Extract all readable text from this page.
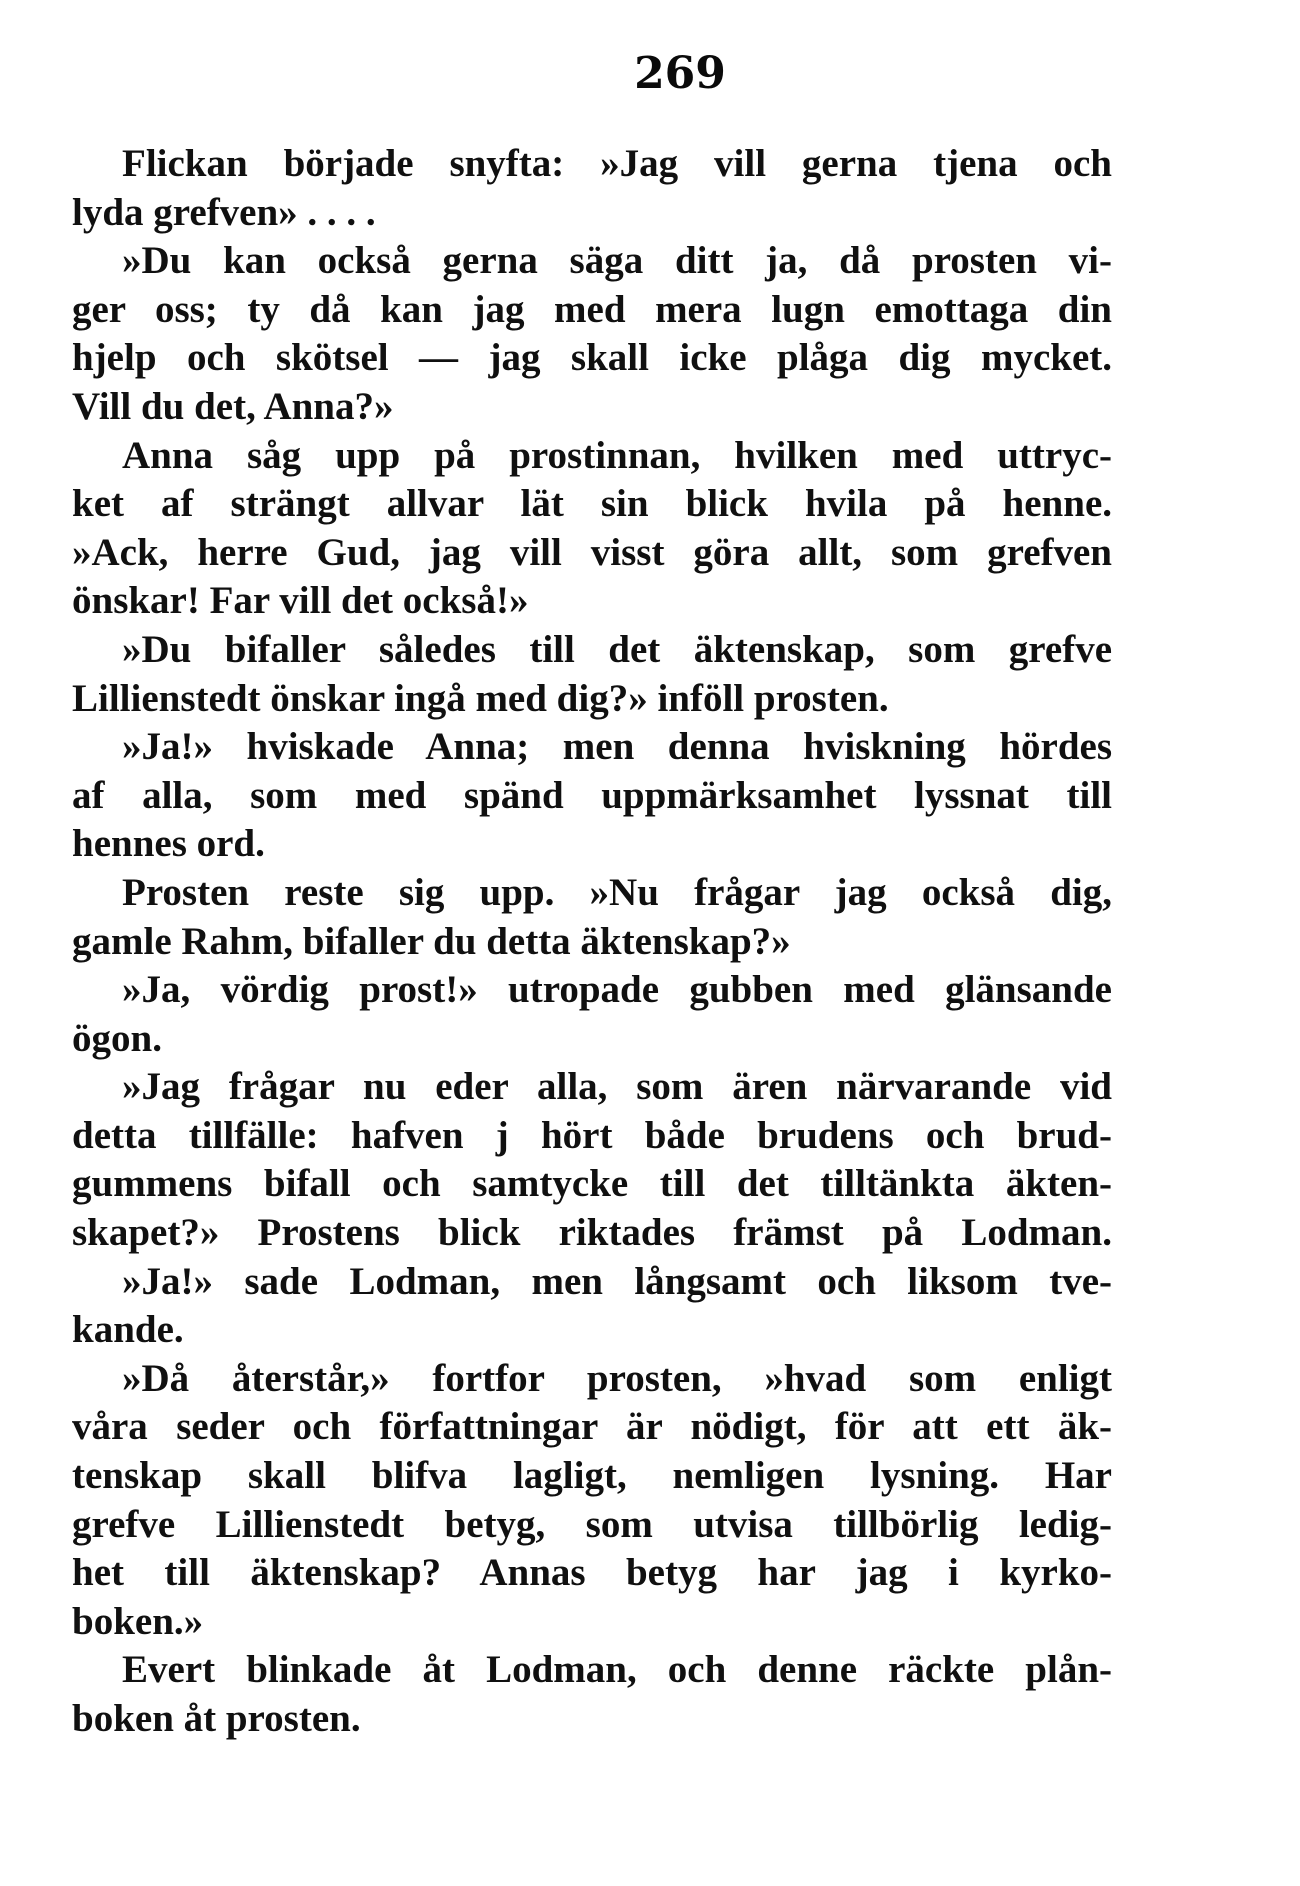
269
Flickan började snyfta: »Jag vill gerna tjena och
lyda grefven» . . . .
»Du kan också gerna säga ditt ja, då prosten vi-
ger oss; ty då kan jag med mera lugn emottaga din
hjelp och skötsel — jag skall icke plåga dig mycket.
Vill du det, Anna?»
Anna såg upp på prostinnan, hvilken med uttryc-
ket af strängt allvar lät sin blick hvila på henne.
»Ack, herre Gud, jag vill visst göra allt, som grefven
önskar! Far vill det också!»
»Du bifaller således till det äktenskap, som grefve
Lillienstedt önskar ingå med dig?» inföll prosten.
»Ja!» hviskade Anna; men denna hviskning hördes
af alla, som med spänd uppmärksamhet lyssnat till
hennes ord.
Prosten reste sig upp. »Nu frågar jag också dig,
gamle Rahm, bifaller du detta äktenskap?»
»Ja, vördig prost!» utropade gubben med glänsande
ögon.
»Jag frågar nu eder alla, som ären närvarande vid
detta tillfälle: hafven j hört både brudens och brud-
gummens bifall och samtycke till det tilltänkta äkten-
skapet?» Prostens blick riktades främst på Lodman.
»Ja!» sade Lodman, men långsamt och liksom tve-
kande.
»Då återstår,» fortfor prosten, »hvad som enligt
våra seder och författningar är nödigt, för att ett äk-
tenskap skall blifva lagligt, nemligen lysning. Har
grefve Lillienstedt betyg, som utvisa tillbörlig ledig-
het till äktenskap? Annas betyg har jag i kyrko-
boken.»
Evert blinkade åt Lodman, och denne räckte plån-
boken åt prosten.
